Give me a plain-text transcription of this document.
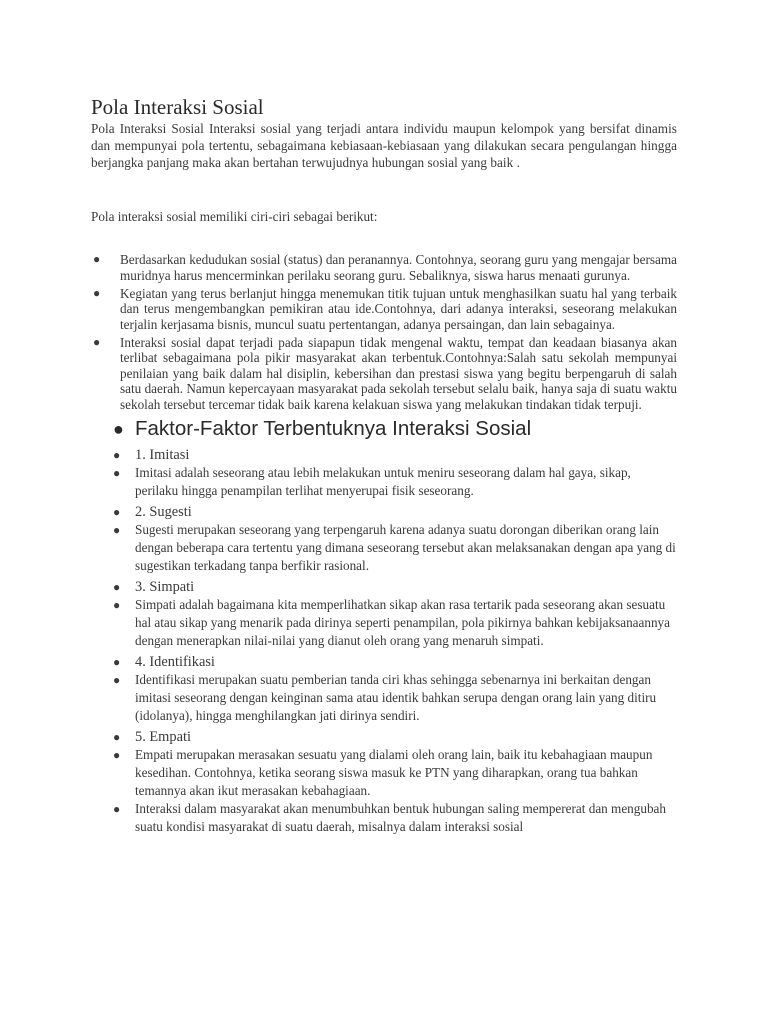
Pola Interaksi Sosial

Pola Interaksi Sosial Interaksi sosial yang terjadi antara individu maupun kelompok yang bersifat dinamis dan mempunyai pola tertentu, sebagaimana kebiasaan-kebiasaan yang dilakukan secara pengulangan hingga berjangka panjang maka akan bertahan terwujudnya hubungan sosial yang baik .

Pola interaksi sosial memiliki ciri-ciri sebagai berikut:

● Berdasarkan kedudukan sosial (status) dan peranannya. Contohnya, seorang guru yang mengajar bersama muridnya harus mencerminkan perilaku seorang guru. Sebaliknya, siswa harus menaati gurunya.
● Kegiatan yang terus berlanjut hingga menemukan titik tujuan untuk menghasilkan suatu hal yang terbaik dan terus mengembangkan pemikiran atau ide.Contohnya, dari adanya interaksi, seseorang melakukan terjalin kerjasama bisnis, muncul suatu pertentangan, adanya persaingan, dan lain sebagainya.
● Interaksi sosial dapat terjadi pada siapapun tidak mengenal waktu, tempat dan keadaan biasanya akan terlibat sebagaimana pola pikir masyarakat akan terbentuk.Contohnya:Salah satu sekolah mempunyai penilaian yang baik dalam hal disiplin, kebersihan dan prestasi siswa yang begitu berpengaruh di salah satu daerah. Namun kepercayaan masyarakat pada sekolah tersebut selalu baik, hanya saja di suatu waktu sekolah tersebut tercemar tidak baik karena kelakuan siswa yang melakukan tindakan tidak terpuji.
● Faktor-Faktor Terbentuknya Interaksi Sosial
● 1. Imitasi
● Imitasi adalah seseorang atau lebih melakukan untuk meniru seseorang dalam hal gaya, sikap, perilaku hingga penampilan terlihat menyerupai fisik seseorang.
● 2. Sugesti
● Sugesti merupakan seseorang yang terpengaruh karena adanya suatu dorongan diberikan orang lain dengan beberapa cara tertentu yang dimana seseorang tersebut akan melaksanakan dengan apa yang di sugestikan terkadang tanpa berfikir rasional.
● 3. Simpati
● Simpati adalah bagaimana kita memperlihatkan sikap akan rasa tertarik pada seseorang akan sesuatu hal atau sikap yang menarik pada dirinya seperti penampilan, pola pikirnya bahkan kebijaksanaannya dengan menerapkan nilai-nilai yang dianut oleh orang yang menaruh simpati.
● 4. Identifikasi
● Identifikasi merupakan suatu pemberian tanda ciri khas sehingga sebenarnya ini berkaitan dengan imitasi seseorang dengan keinginan sama atau identik bahkan serupa dengan orang lain yang ditiru (idolanya), hingga menghilangkan jati dirinya sendiri.
● 5. Empati
● Empati merupakan merasakan sesuatu yang dialami oleh orang lain, baik itu kebahagiaan maupun kesedihan. Contohnya, ketika seorang siswa masuk ke PTN yang diharapkan, orang tua bahkan temannya akan ikut merasakan kebahagiaan.
● Interaksi dalam masyarakat akan menumbuhkan bentuk hubungan saling mempererat dan mengubah suatu kondisi masyarakat di suatu daerah, misalnya dalam interaksi sosial
